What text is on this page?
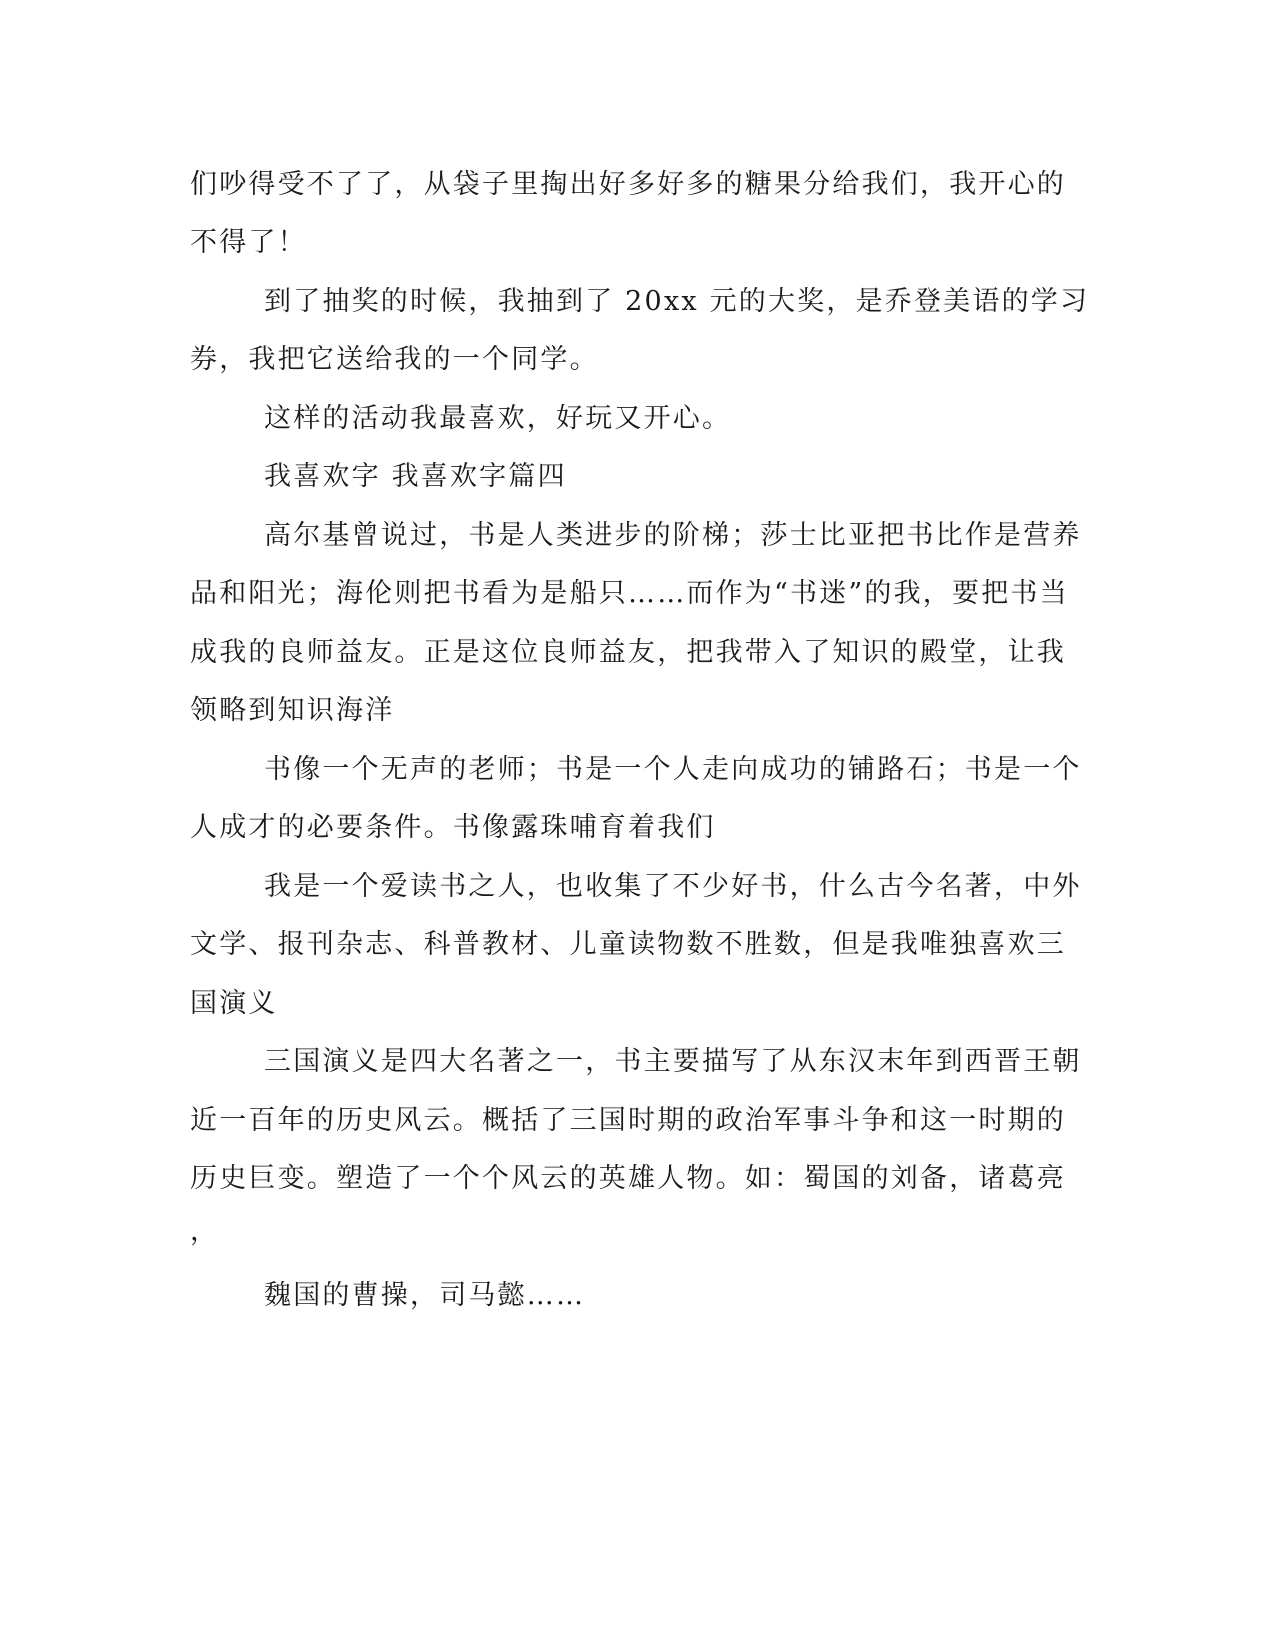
们吵得受不了了，从袋子里掏出好多好多的糖果分给我们，我开心的

不得了！

到了抽奖的时候，我抽到了 20xx 元的大奖，是乔登美语的学习

券，我把它送给我的一个同学。

这样的活动我最喜欢，好玩又开心。

我喜欢字 我喜欢字篇四

高尔基曾说过，书是人类进步的阶梯；莎士比亚把书比作是营养

品和阳光；海伦则把书看为是船只……而作为“书迷”的我，要把书当

成我的良师益友。正是这位良师益友，把我带入了知识的殿堂，让我

领略到知识海洋

书像一个无声的老师；书是一个人走向成功的铺路石；书是一个

人成才的必要条件。书像露珠哺育着我们

我是一个爱读书之人，也收集了不少好书，什么古今名著，中外

文学、报刊杂志、科普教材、儿童读物数不胜数，但是我唯独喜欢三

国演义

三国演义是四大名著之一，书主要描写了从东汉末年到西晋王朝

近一百年的历史风云。概括了三国时期的政治军事斗争和这一时期的

历史巨变。塑造了一个个风云的英雄人物。如：蜀国的刘备，诸葛亮

，

魏国的曹操，司马懿……
